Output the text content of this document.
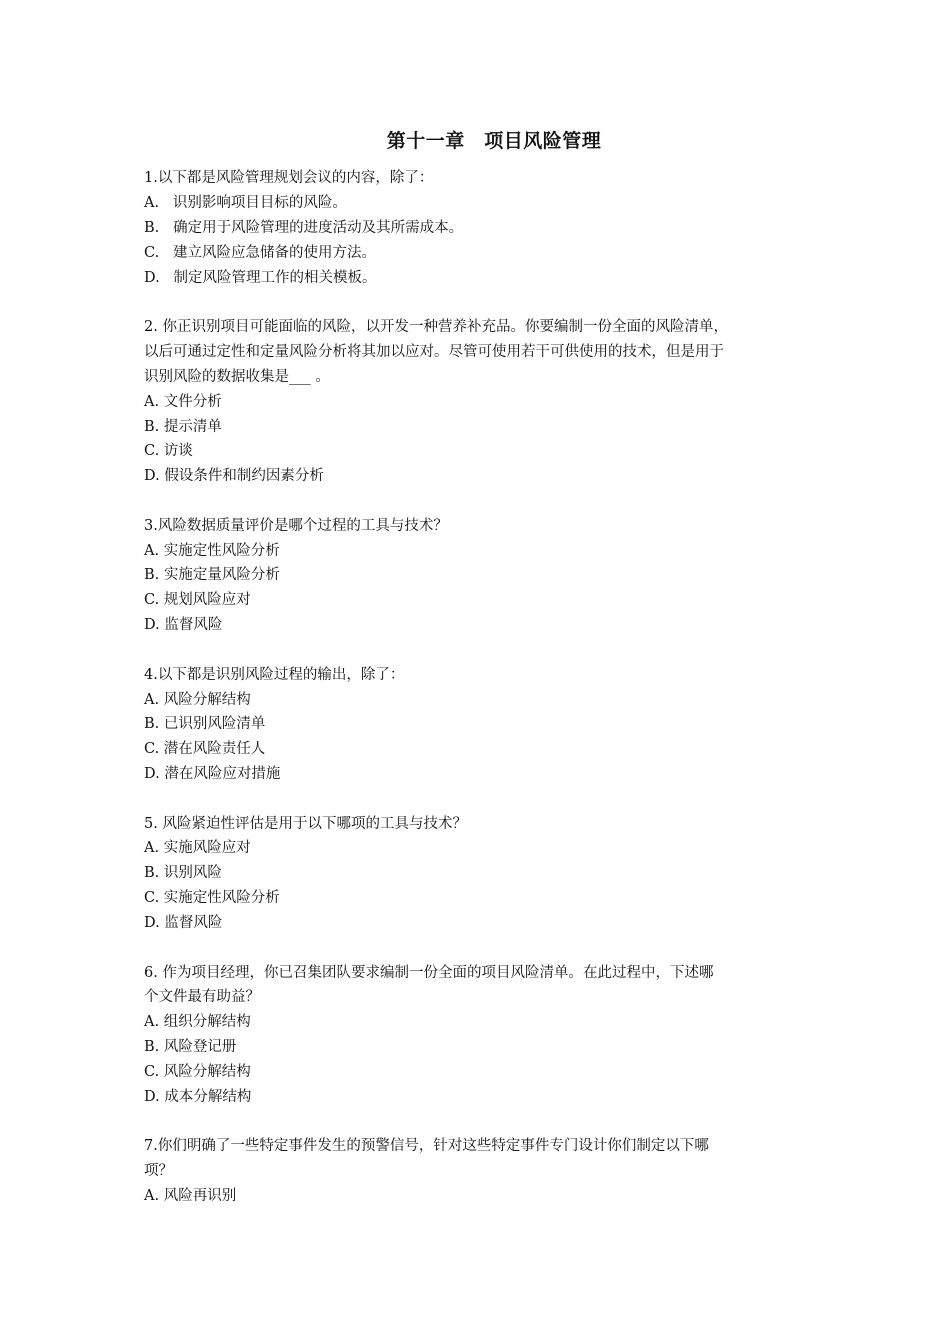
第十一章　项目风险管理
1.以下都是风险管理规划会议的内容，除了：
A.   识别影响项目目标的风险。
B.   确定用于风险管理的进度活动及其所需成本。
C.   建立风险应急储备的使用方法。
D.   制定风险管理工作的相关模板。
2. 你正识别项目可能面临的风险，以开发一种营养补充品。你要编制一份全面的风险清单，
以后可通过定性和定量风险分析将其加以应对。尽管可使用若干可供使用的技术，但是用于
识别风险的数据收集是___ 。
A. 文件分析
B. 提示清单
C. 访谈
D. 假设条件和制约因素分析
3.风险数据质量评价是哪个过程的工具与技术？
A. 实施定性风险分析
B. 实施定量风险分析
C. 规划风险应对
D. 监督风险
4.以下都是识别风险过程的输出，除了：
A. 风险分解结构
B. 已识别风险清单
C. 潜在风险责任人
D. 潜在风险应对措施
5. 风险紧迫性评估是用于以下哪项的工具与技术？
A. 实施风险应对
B. 识别风险
C. 实施定性风险分析
D. 监督风险
6. 作为项目经理，你已召集团队要求编制一份全面的项目风险清单。在此过程中，下述哪
个文件最有助益？
A. 组织分解结构
B. 风险登记册
C. 风险分解结构
D. 成本分解结构
7.你们明确了一些特定事件发生的预警信号，针对这些特定事件专门设计你们制定以下哪
项？
A. 风险再识别
